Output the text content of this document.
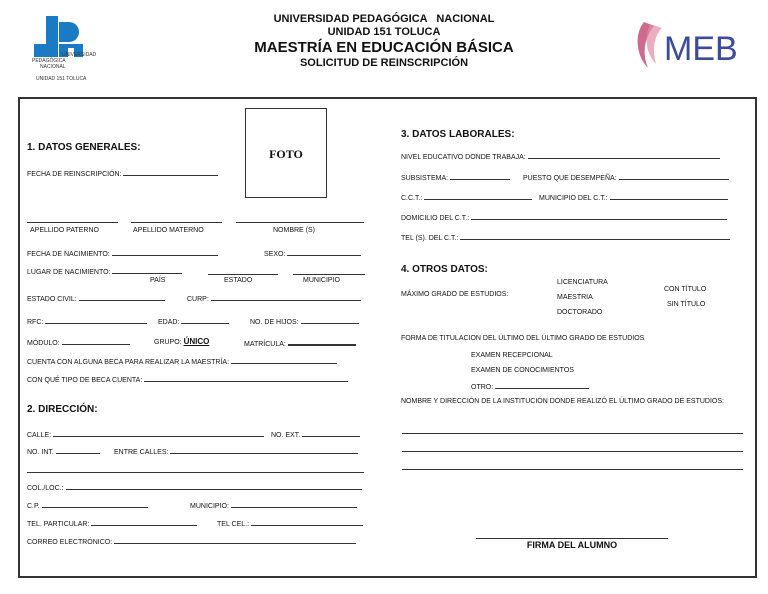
UNIVERSIDAD
PEDAGÓGICA
NACIONAL
UNIDAD 151 TOLUCA
UNIVERSIDAD PEDAGÓGICA   NACIONAL
UNIDAD 151 TOLUCA
MAESTRÍA EN EDUCACIÓN BÁSICA
SOLICITUD DE REINSCRIPCIÓN	MEB
FOTO
1. DATOS GENERALES:
FECHA DE REINSCRIPCIÓN:
APELLIDO PATERNO	APELLIDO MATERNO	NOMBRE (S)
FECHA DE NACIMIENTO:	SEXO:
LUGAR DE NACIMIENTO:
PAÍS	ESTADO	MUNICIPIO
ESTADO CIVIL:	CURP:
RFC:	EDAD:	NO. DE HIJOS:
MÓDULO:	GRUPO: ÚNICO	MATRÍCULA:
CUENTA CON ALGUNA BECA PARA REALIZAR LA MAESTRÍA:
CON QUÉ TIPO DE BECA CUENTA:
2. DIRECCIÓN:
CALLE:	NO. EXT.
NO. INT.	ENTRE CALLES:
COL./LOC.:
C.P.	MUNICIPIO:
TEL. PARTICULAR:	TEL CEL.:
CORREO ELECTRÓNICO:
3. DATOS LABORALES:
NIVEL EDUCATIVO DONDE TRABAJA:
SUBSISTEMA:	PUESTO QUE DESEMPEÑA:
C.C.T.:	MUNICIPIO DEL C.T.:
DOMICILIO DEL C.T.:
TEL (S). DEL C.T.:
4. OTROS DATOS:
MÁXIMO GRADO DE ESTUDIOS:
LICENCIATURA
MAESTRIA
DOCTORADO
CON TÍTULO
SIN TÍTULO
FORMA DE TITULACION DEL ÚLTIMO DEL ÚLTIMO GRADO DE ESTUDIOS
EXAMEN RECEPCIONAL
EXAMEN DE CONOCIMIENTOS
OTRO:
NOMBRE Y DIRECCIÓN DE LA INSTITUCIÓN DONDE REALIZÓ EL ÚLTIMO GRADO DE ESTUDIOS:
FIRMA DEL ALUMNO
